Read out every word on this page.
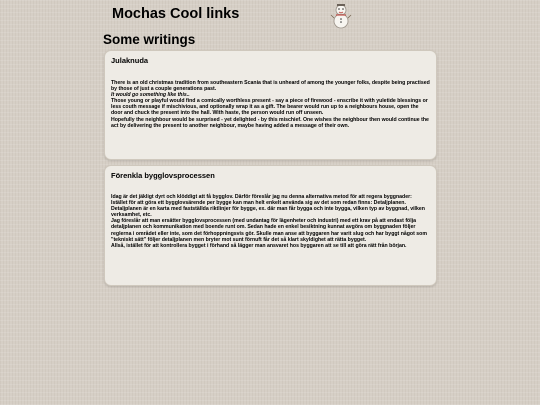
Mochas Cool links
Some writings
Julaknuda

There is an old christmas tradition from southeastern Scania that is unheard of among the younger folks, despite being practised by those of just a couple generations past.

It would go something like this..

Those young or playful would find a comically worthless present - say a piece of firewood - enscribe it with yuletide blessings or less couth message if mischivious, and optionally wrap it as a gift. The bearer would run up to a neighbours house, open the door and chuck the present into the hall. With haste, the person would run off unseen.

Hopefully the neighbour would be surprised - yet delighted - by this mischief. One wishes the neighbour then would continue the act by delivering the present to another neighbour, maybe having added a message of their own.

Förenkla bygglovsprocessen

Idag är det jäkligt dyrt och klöddigt att få bygglov. Därför föreslår jag nu denna alternativa metod för att regera byggnader:

Istället för att göra ett bygglovsärende per bygge kan man helt enkelt använda sig av det som redan finns: Detaljplanen. Detaljplanen är en karta med fastställda riktlinjer för bygge, ex. där man får bygga och inte bygga, vilken typ av byggnad, vilken verksamhet, etc.

Jag föreslår att man ersätter bygglovsprocessen (med undantag för lägenheter och industri) med ett krav på att endast följa detaljplanen och kommunikation med boende runt om. Sedan hade en enkel besiktning kunnat avgöra om byggnaden följer reglerna i området eller inte, som det förhoppningsvis gör. Skulle man anse att byggaren har varit slug och har byggt något som "tekniskt sätt" följer detaljplanen men bryter mot sunt förnuft får det så klart skyldighet att rätta bygget.

Allså, istället för att kontrollera bygget i förhand så lägger man ansvaret hos byggaren att se till att göra rätt från början.
